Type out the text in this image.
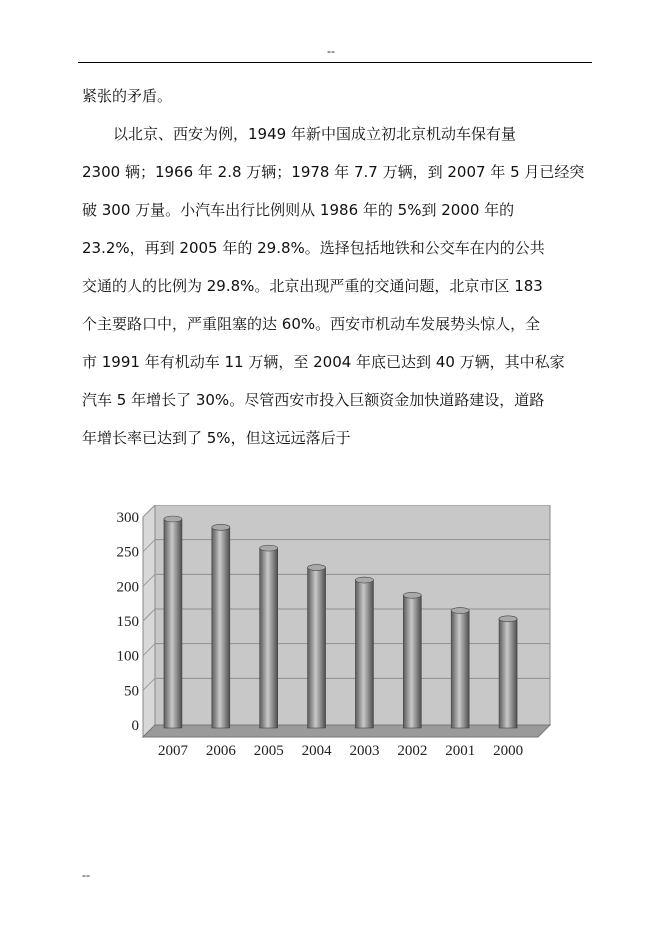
--
紧张的矛盾。
以北京、西安为例，1949 年新中国成立初北京机动车保有量
2300 辆；1966 年 2.8 万辆；1978 年 7.7 万辆，到 2007 年 5 月已经突
破 300 万量。小汽车出行比例则从 1986 年的 5%到 2000 年的
23.2%，再到 2005 年的 29.8%。选择包括地铁和公交车在内的公共
交通的人的比例为 29.8%。北京出现严重的交通问题，北京市区 183
个主要路口中，严重阻塞的达 60%。西安市机动车发展势头惊人，全
市 1991 年有机动车 11 万辆，至 2004 年底已达到 40 万辆，其中私家
汽车 5 年增长了 30%。尽管西安市投入巨额资金加快道路建设，道路
年增长率已达到了 5%，但这远远落后于
0
50
100
150
200
250
300
2007 2006 2005 2004 2003 2002 2001 2000
--
